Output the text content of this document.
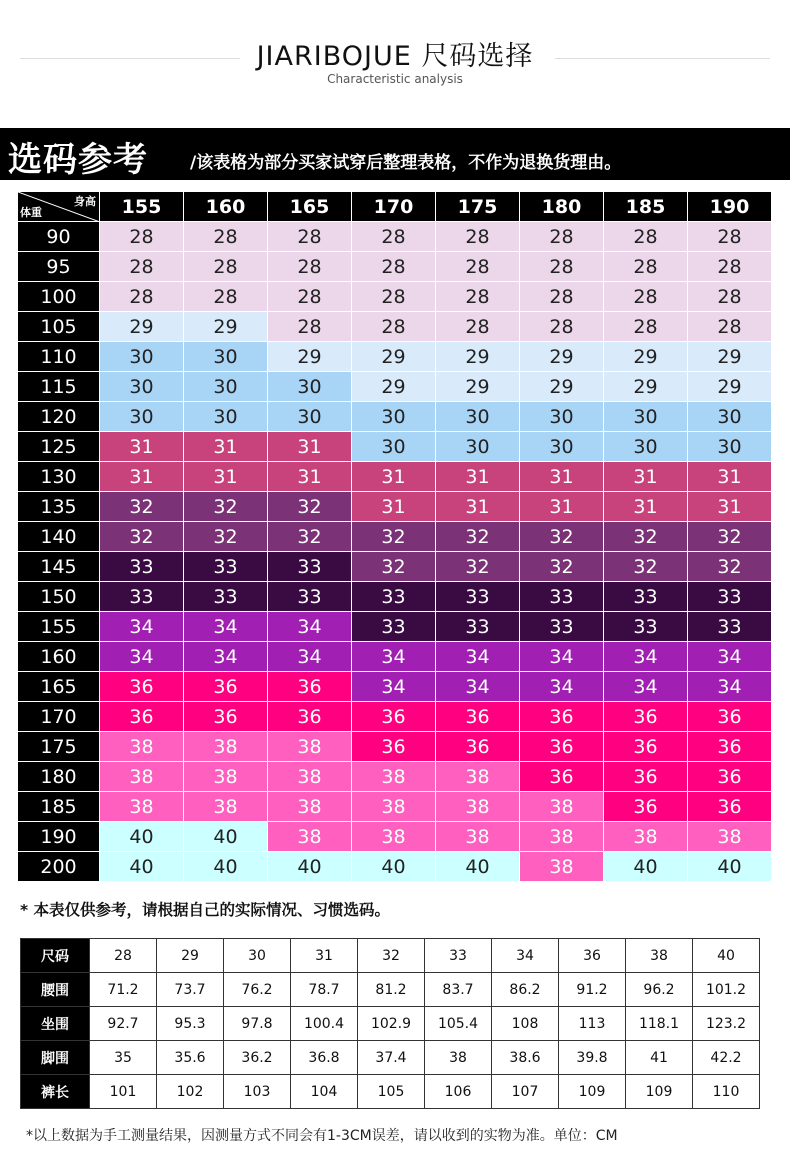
JIARIBOJUE 尺码选择
Characteristic analysis
选码参考 /该表格为部分买家试穿后整理表格，不作为退换货理由。
身高
体重	155	160	165	170	175	180	185	190
90	28	28	28	28	28	28	28	28
95	28	28	28	28	28	28	28	28
100	28	28	28	28	28	28	28	28
105	29	29	28	28	28	28	28	28
110	30	30	29	29	29	29	29	29
115	30	30	30	29	29	29	29	29
120	30	30	30	30	30	30	30	30
125	31	31	31	30	30	30	30	30
130	31	31	31	31	31	31	31	31
135	32	32	32	31	31	31	31	31
140	32	32	32	32	32	32	32	32
145	33	33	33	32	32	32	32	32
150	33	33	33	33	33	33	33	33
155	34	34	34	33	33	33	33	33
160	34	34	34	34	34	34	34	34
165	36	36	36	34	34	34	34	34
170	36	36	36	36	36	36	36	36
175	38	38	38	36	36	36	36	36
180	38	38	38	38	38	36	36	36
185	38	38	38	38	38	38	36	36
190	40	40	38	38	38	38	38	38
200	40	40	40	40	40	38	40	40
* 本表仅供参考，请根据自己的实际情况、习惯选码。
尺码	28	29	30	31	32	33	34	36	38	40
腰围	71.2	73.7	76.2	78.7	81.2	83.7	86.2	91.2	96.2	101.2
坐围	92.7	95.3	97.8	100.4	102.9	105.4	108	113	118.1	123.2
脚围	35	35.6	36.2	36.8	37.4	38	38.6	39.8	41	42.2
裤长	101	102	103	104	105	106	107	109	109	110
*以上数据为手工测量结果，因测量方式不同会有1-3CM误差，请以收到的实物为准。单位：CM
